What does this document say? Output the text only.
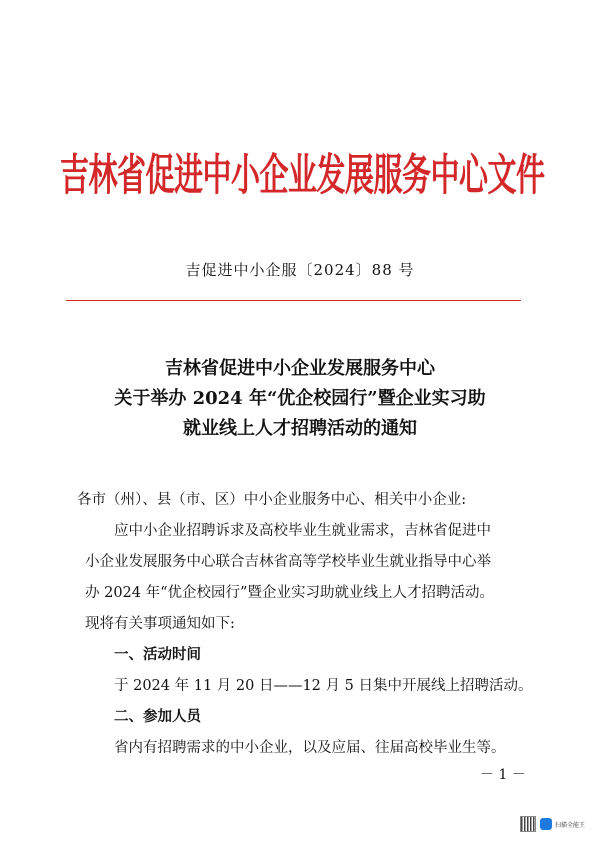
吉林省促进中小企业发展服务中心文件
吉促进中小企服〔2024〕88 号
吉林省促进中小企业发展服务中心
关于举办 2024 年“优企校园行”暨企业实习助
就业线上人才招聘活动的通知
各市（州）、县（市、区）中小企业服务中心、相关中小企业:
应中小企业招聘诉求及高校毕业生就业需求，吉林省促进中
小企业发展服务中心联合吉林省高等学校毕业生就业指导中心举
办 2024 年“优企校园行”暨企业实习助就业线上人才招聘活动。
现将有关事项通知如下:
一、活动时间
于 2024 年 11 月 20 日——12 月 5 日集中开展线上招聘活动。
二、参加人员
省内有招聘需求的中小企业，以及应届、往届高校毕业生等。
－ 1 －
扫描全能王
